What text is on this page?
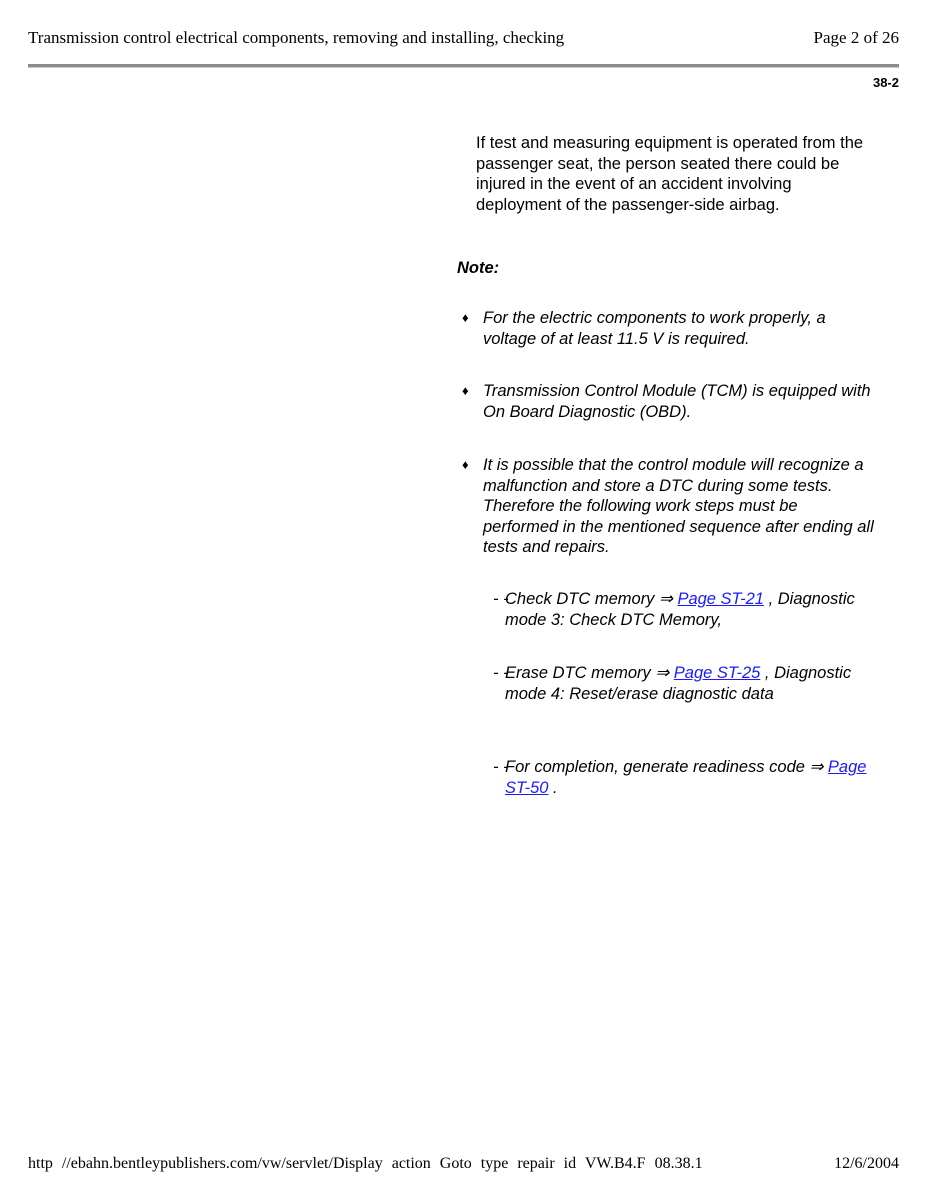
Transmission control electrical components, removing and installing, checking	Page 2 of 26
38-2
If test and measuring equipment is operated from the passenger seat, the person seated there could be injured in the event of an accident involving deployment of the passenger-side airbag.
Note:
♦ For the electric components to work properly, a voltage of at least 11.5 V is required.
♦ Transmission Control Module (TCM) is equipped with On Board Diagnostic (OBD).
♦ It is possible that the control module will recognize a malfunction and store a DTC during some tests. Therefore the following work steps must be performed in the mentioned sequence after ending all tests and repairs.
- -
Check DTC memory ⇒ Page ST-21 , Diagnostic mode 3: Check DTC Memory,
- -
Erase DTC memory ⇒ Page ST-25 , Diagnostic mode 4: Reset/erase diagnostic data
- -
For completion, generate readiness code ⇒ Page ST-50 .
http //ebahn.bentleypublishers.com/vw/servlet/Display action Goto type repair id VW.B4.F 08.38.1	12/6/2004
